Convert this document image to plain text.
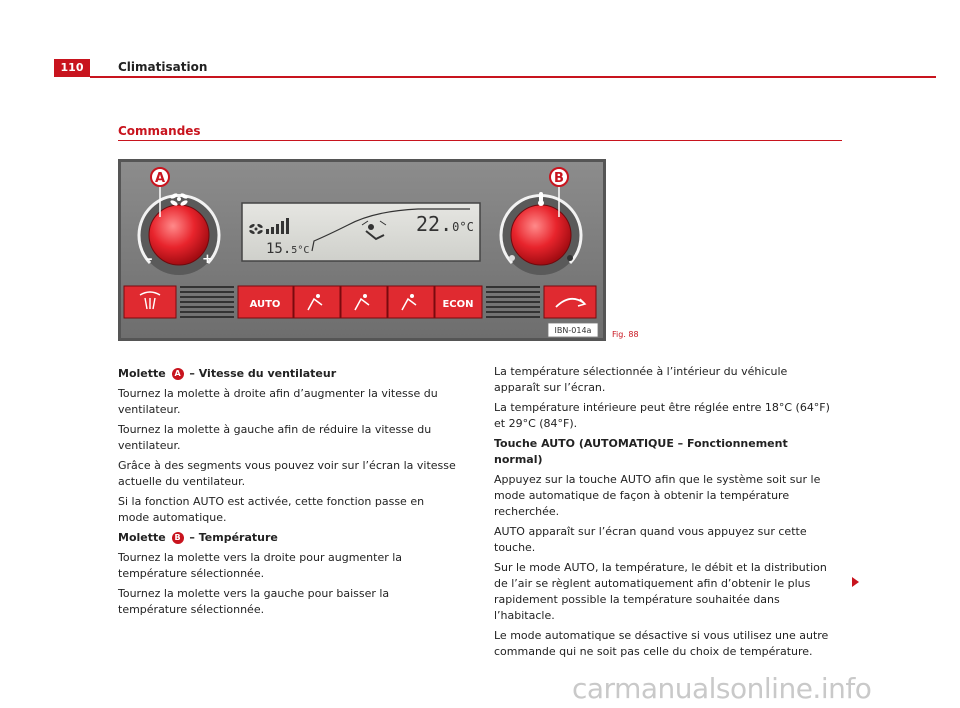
110	Climatisation
Commandes
–	+
A	B
15.5°C
22.0°C
AUTO	ECON
IBN-014a	Fig. 88
Molette A – Vitesse du ventilateur

Tournez la molette à droite afin d’augmenter la vitesse du ventilateur.

Tournez la molette à gauche afin de réduire la vitesse du ventilateur.

Grâce à des segments vous pouvez voir sur l’écran la vitesse actuelle du ventilateur.

Si la fonction AUTO est activée, cette fonction passe en mode automatique.

Molette B – Température

Tournez la molette vers la droite pour augmenter la température sélectionnée.

Tournez la molette vers la gauche pour baisser la température sélectionnée.

La température sélectionnée à l’intérieur du véhicule apparaît sur l’écran.

La température intérieure peut être réglée entre 18°C (64°F) et 29°C (84°F).

Touche AUTO (AUTOMATIQUE – Fonctionnement normal)

Appuyez sur la touche AUTO afin que le système soit sur le mode automatique de façon à obtenir la température recherchée.

AUTO apparaît sur l’écran quand vous appuyez sur cette touche.

Sur le mode AUTO, la température, le débit et la distribution de l’air se règlent automatiquement afin d’obtenir le plus rapidement possible la température souhaitée dans l’habitacle.

Le mode automatique se désactive si vous utilisez une autre commande qui ne soit pas celle du choix de température.

carmanualsonline.info
